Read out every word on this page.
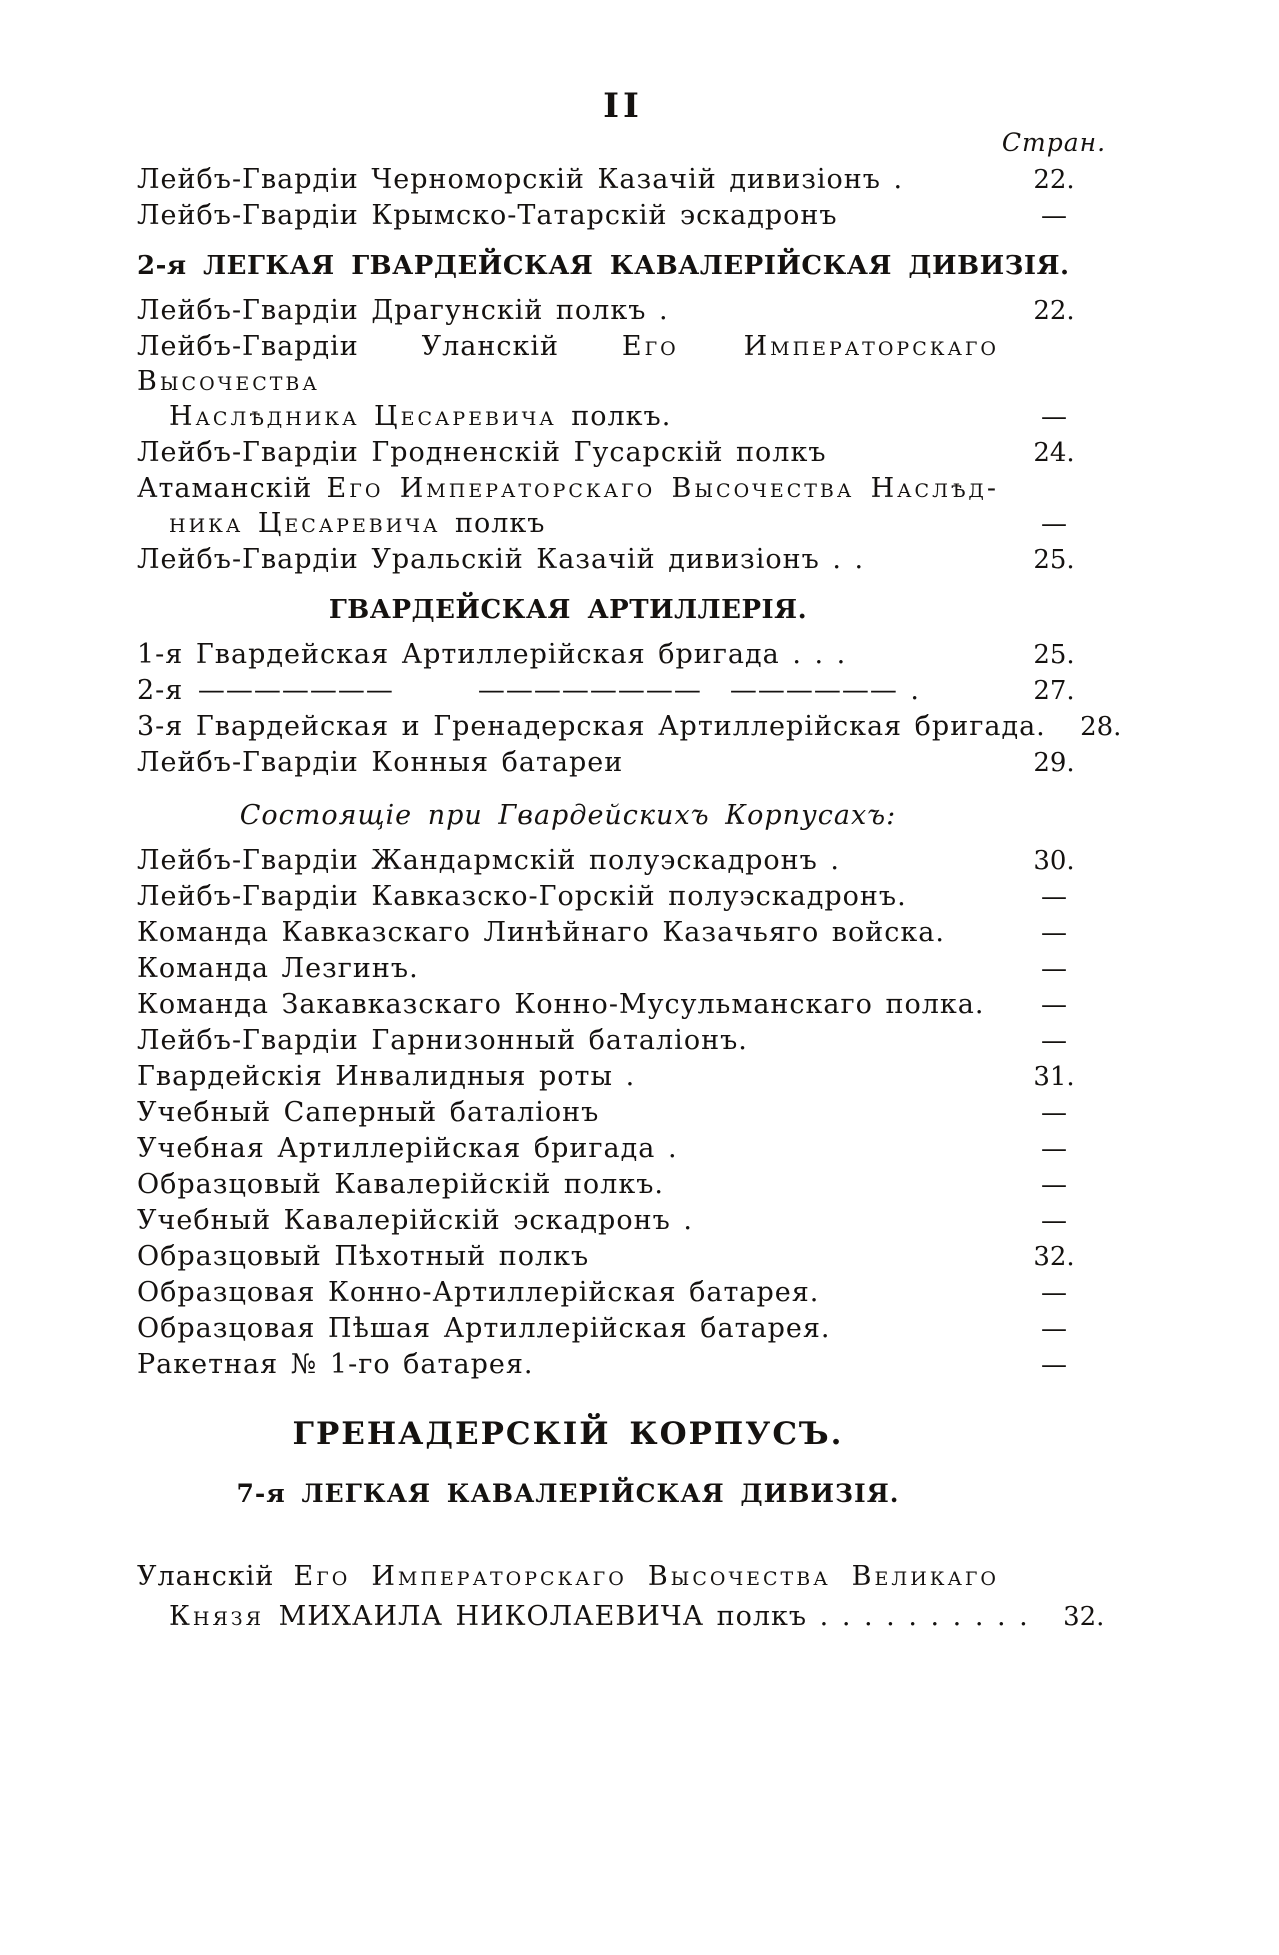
II
Стран.
Лейбъ-Гвардіи Черноморскій Казачій дивизіонъ .	22.
Лейбъ-Гвардіи Крымско-Татарскій эскадронъ	—
2-я ЛЕГКАЯ ГВАРДЕЙСКАЯ КАВАЛЕРІЙСКАЯ ДИВИЗІЯ.
Лейбъ-Гвардіи Драгунскій полкъ .	22.
Лейбъ-Гвардіи Уланскій Его Императорскаго Высочества
Наслѣдника Цесаревича полкъ.	—
Лейбъ-Гвардіи Гродненскій Гусарскій полкъ	24.
Атаманскій Его Императорскаго Высочества Наслѣд-
ника Цесаревича полкъ	—
Лейбъ-Гвардіи Уральскій Казачій дивизіонъ . .	25.
ГВАРДЕЙСКАЯ АРТИЛЛЕРІЯ.
1-я Гвардейская Артиллерійская бригада . . .	25.
2-я ———————   ———————— —————— .	27.
3-я Гвардейская и Гренадерская Артиллерійская бригада.	28.
Лейбъ-Гвардіи Конныя батареи	29.
Состоящіе при Гвардейскихъ Корпусахъ:
Лейбъ-Гвардіи Жандармскій полуэскадронъ .	30.
Лейбъ-Гвардіи Кавказско-Горскій полуэскадронъ.	—
Команда Кавказскаго Линѣйнаго Казачьяго войска.	—
Команда Лезгинъ.	—
Команда Закавказскаго Конно-Мусульманскаго полка.	—
Лейбъ-Гвардіи Гарнизонный баталіонъ.	—
Гвардейскія Инвалидныя роты .	31.
Учебный Саперный баталіонъ	—
Учебная Артиллерійская бригада .	—
Образцовый Кавалерійскій полкъ.	—
Учебный Кавалерійскій эскадронъ .	—
Образцовый Пѣхотный полкъ	32.
Образцовая Конно-Артиллерійская батарея.	—
Образцовая Пѣшая Артиллерійская батарея.	—
Ракетная № 1-го батарея.	—
ГРЕНАДЕРСКІЙ КОРПУСЪ.
7-я ЛЕГКАЯ КАВАЛЕРІЙСКАЯ ДИВИЗІЯ.
Уланскій Его Императорскаго Высочества Великаго
Князя МИХАИЛА НИКОЛАЕВИЧА полкъ . . . . . . . . . .	32.
